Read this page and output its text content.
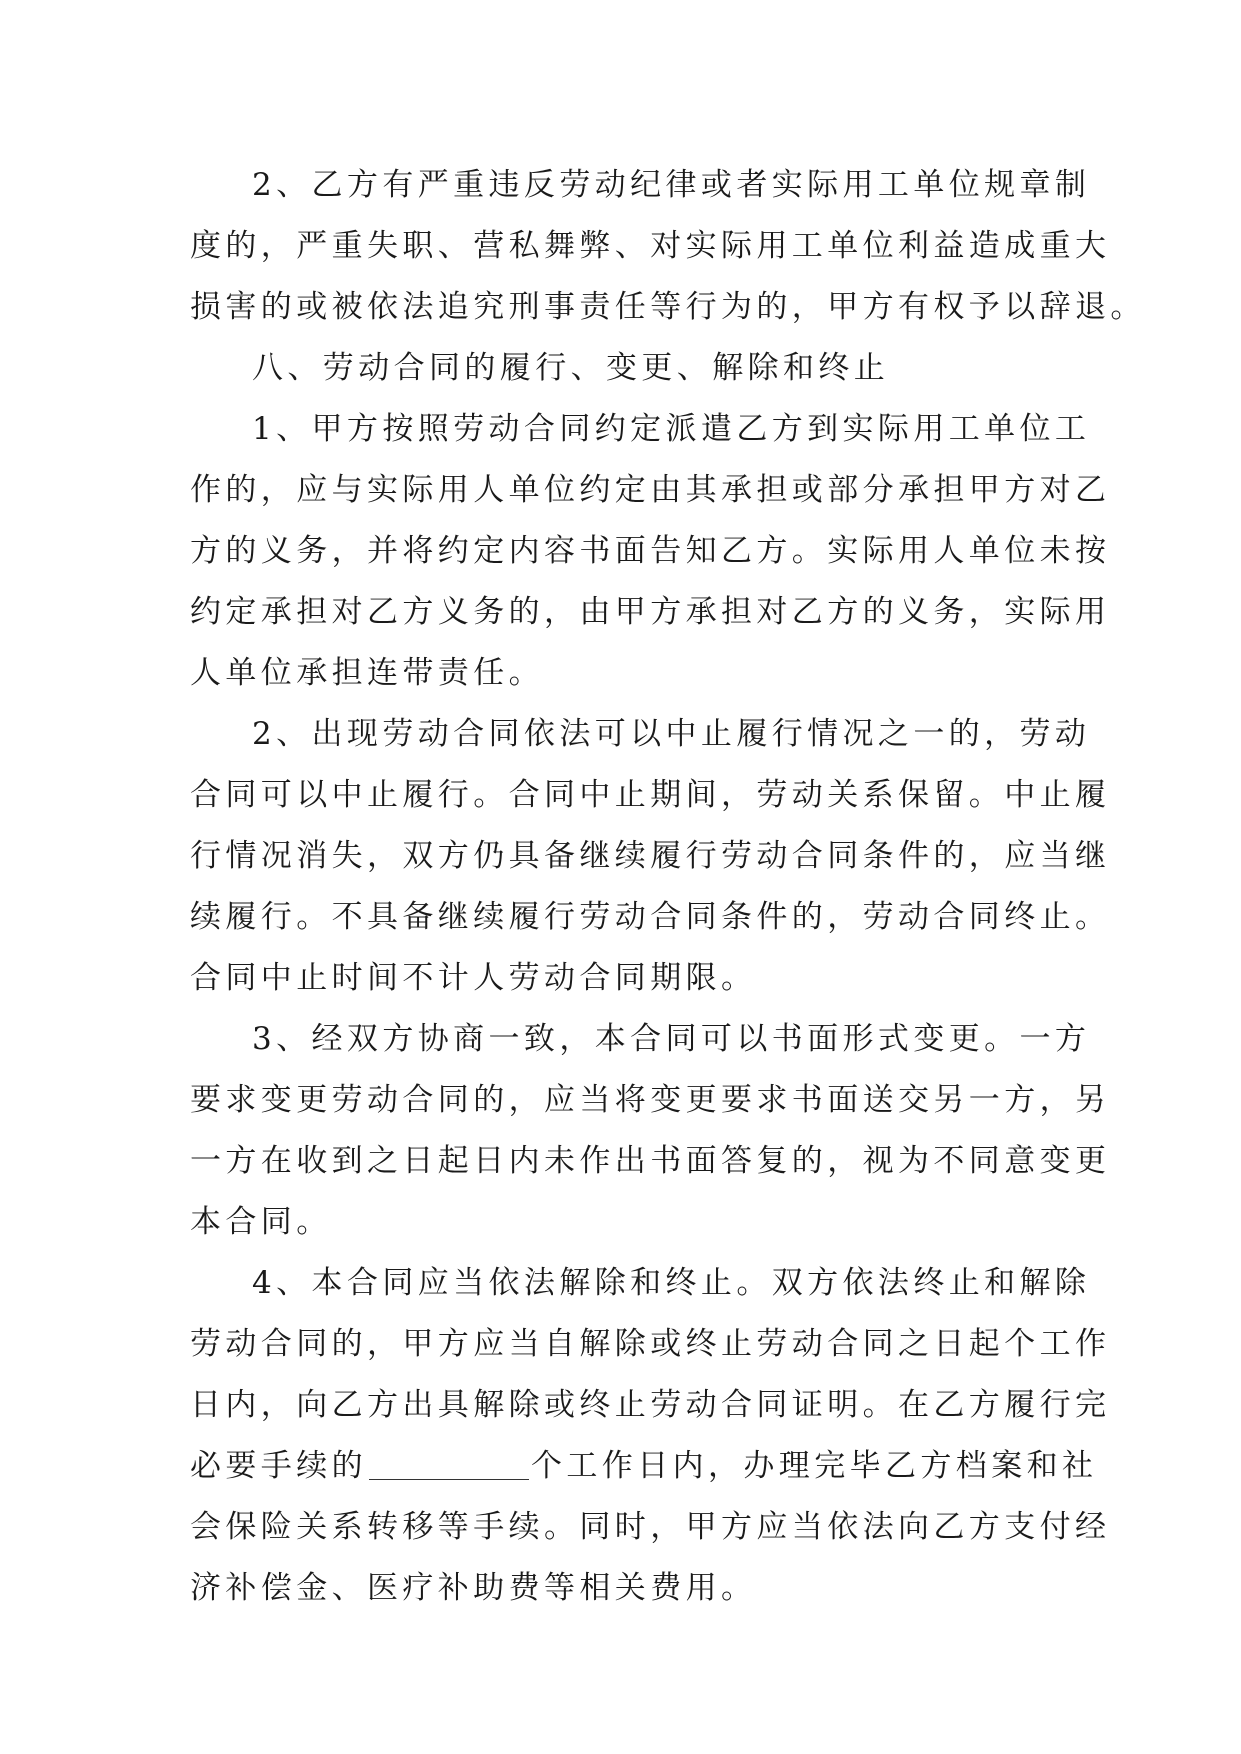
2、乙方有严重违反劳动纪律或者实际用工单位规章制
度的，严重失职、营私舞弊、对实际用工单位利益造成重大
损害的或被依法追究刑事责任等行为的，甲方有权予以辞退。
八、劳动合同的履行、变更、解除和终止
1、甲方按照劳动合同约定派遣乙方到实际用工单位工
作的，应与实际用人单位约定由其承担或部分承担甲方对乙
方的义务，并将约定内容书面告知乙方。实际用人单位未按
约定承担对乙方义务的，由甲方承担对乙方的义务，实际用
人单位承担连带责任。
2、出现劳动合同依法可以中止履行情况之一的，劳动
合同可以中止履行。合同中止期间，劳动关系保留。中止履
行情况消失，双方仍具备继续履行劳动合同条件的，应当继
续履行。不具备继续履行劳动合同条件的，劳动合同终止。
合同中止时间不计人劳动合同期限。
3、经双方协商一致，本合同可以书面形式变更。一方
要求变更劳动合同的，应当将变更要求书面送交另一方，另
一方在收到之日起日内未作出书面答复的，视为不同意变更
本合同。
4、本合同应当依法解除和终止。双方依法终止和解除
劳动合同的，甲方应当自解除或终止劳动合同之日起个工作
日内，向乙方出具解除或终止劳动合同证明。在乙方履行完
必要手续的	个工作日内，办理完毕乙方档案和社
会保险关系转移等手续。同时，甲方应当依法向乙方支付经
济补偿金、医疗补助费等相关费用。
